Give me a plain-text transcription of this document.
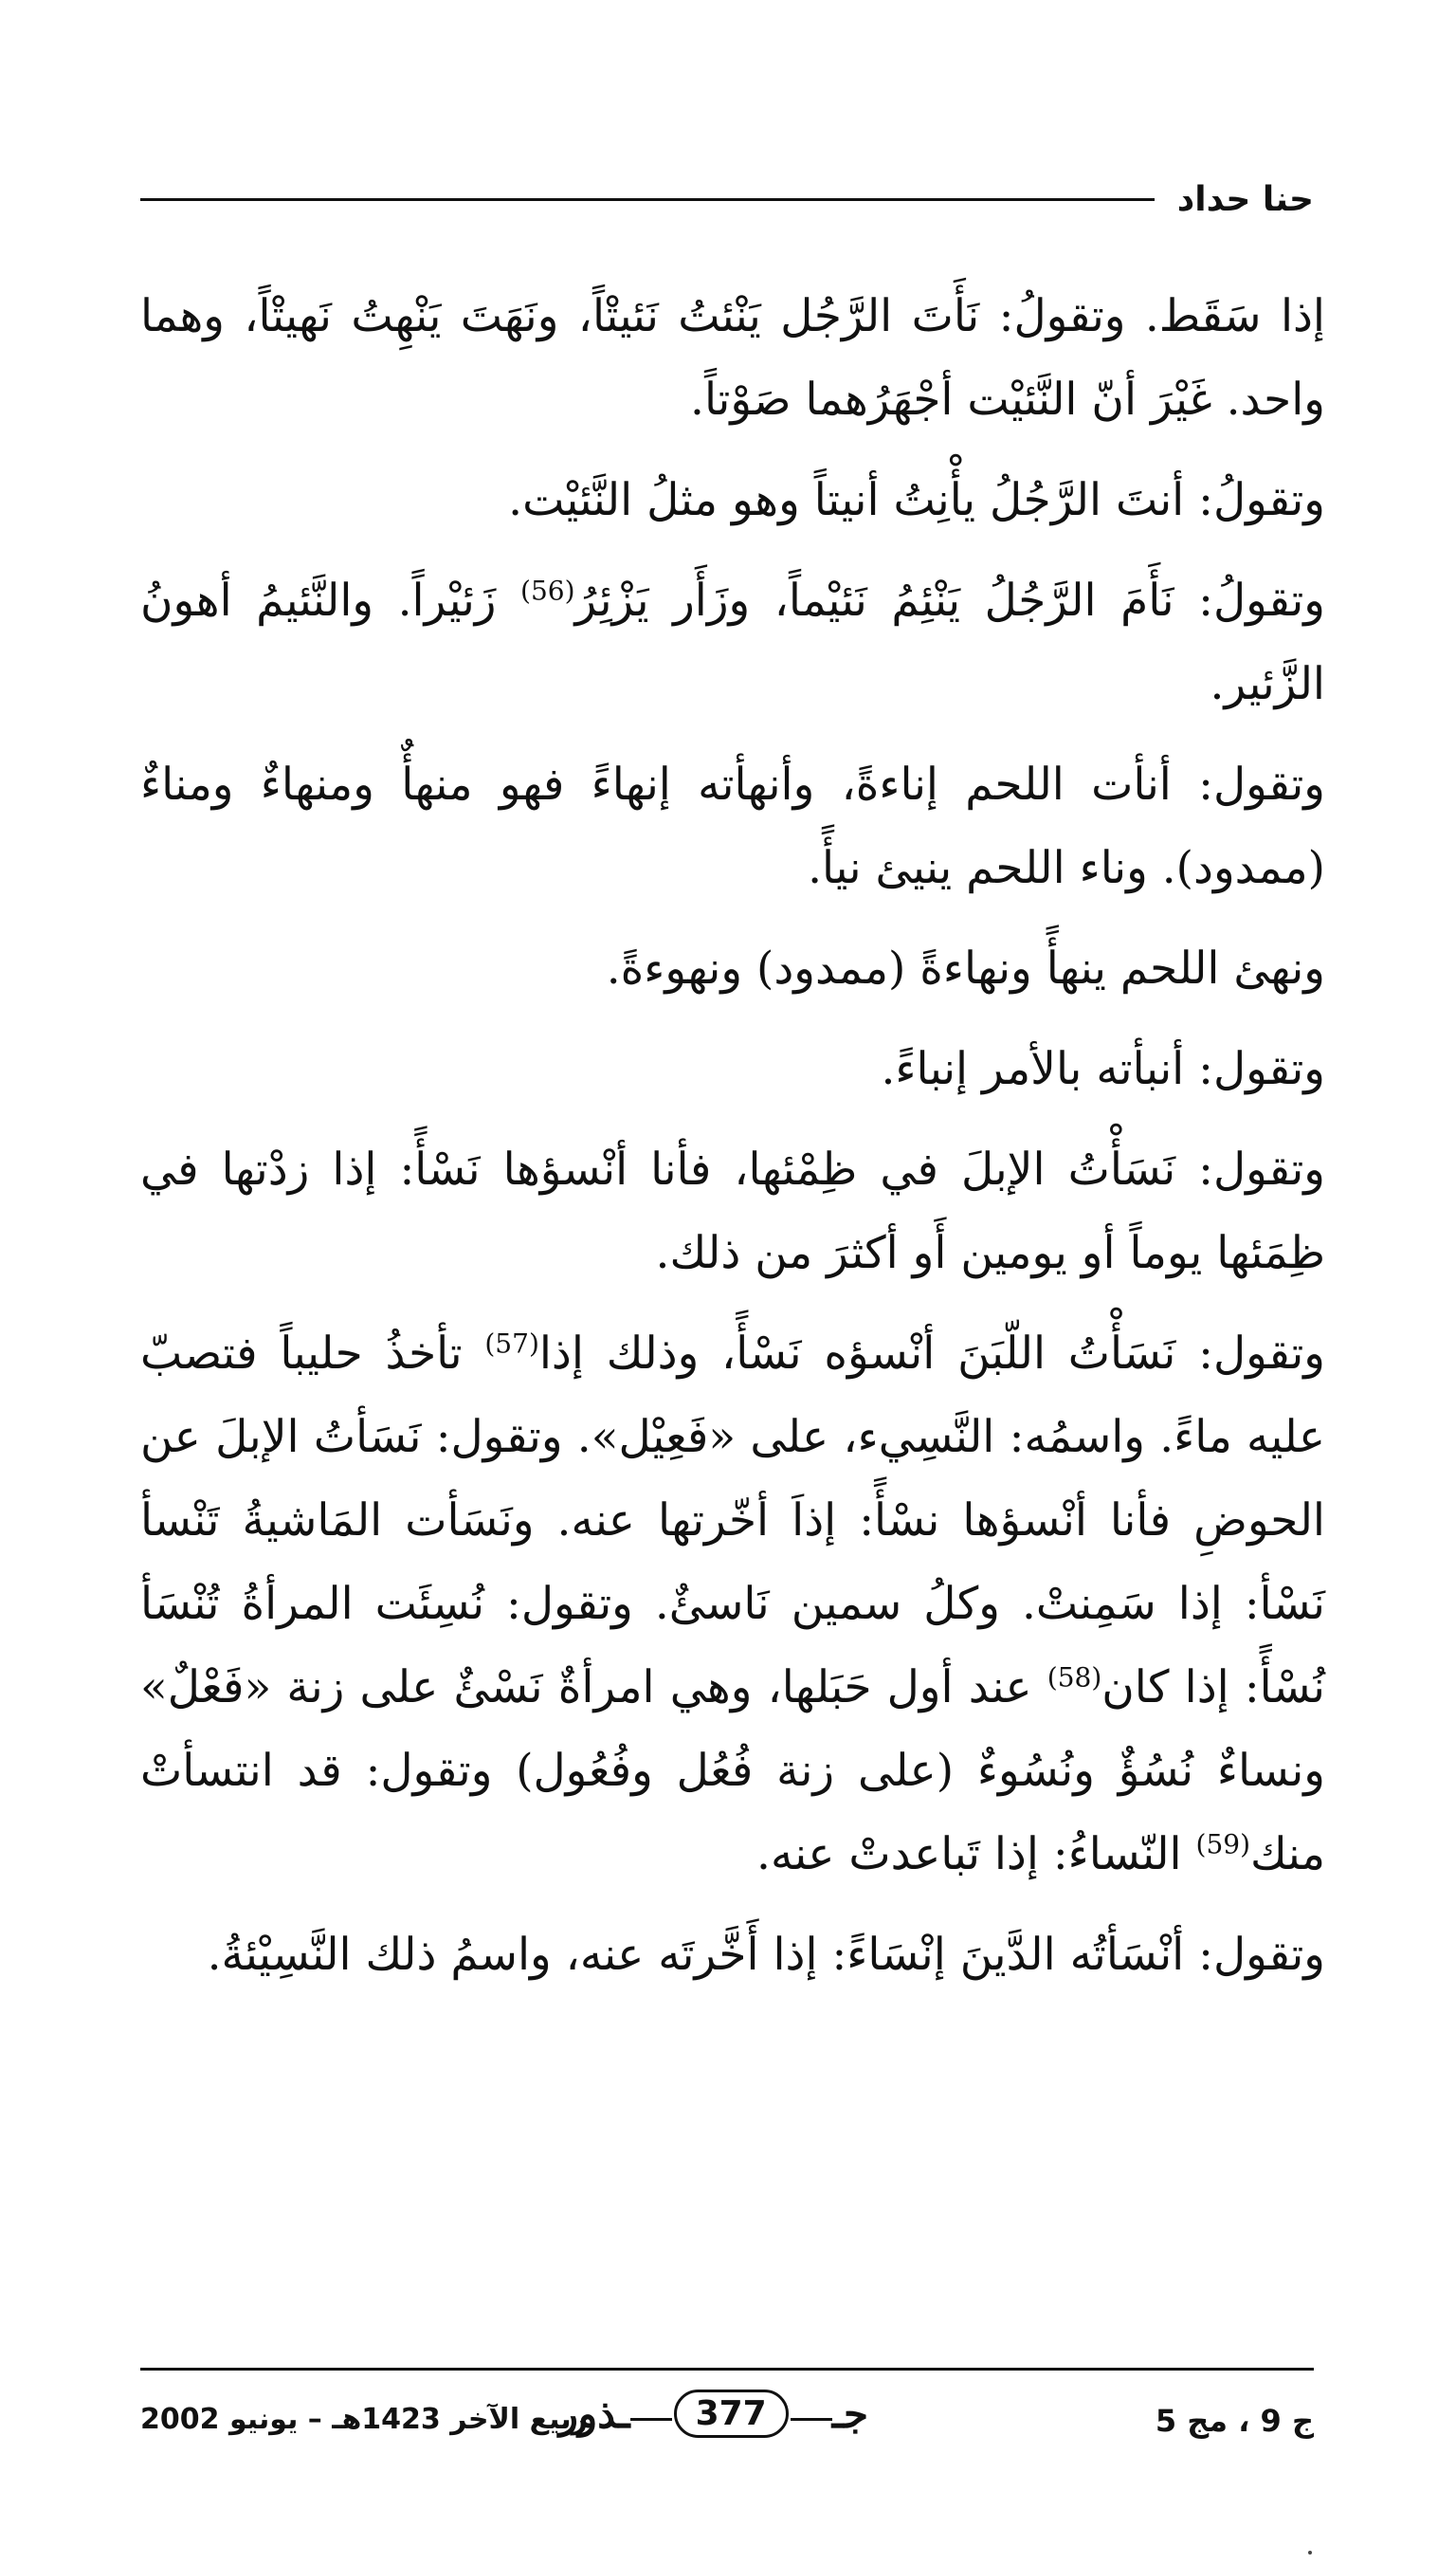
حنا حداد

إذا سَقَط. وتقولُ: نَأَتَ الرَّجُل يَنْئتُ نَئيتْاً، ونَهَتَ يَنْهِتُ نَهيتْاً، وهما واحد. غَيْرَ أنّ النَّئيْت أجْهَرُهما صَوْتاً.

وتقولُ: أنتَ الرَّجُلُ يأْنِتُ أنيتاً وهو مثلُ النَّئيْت.

وتقولُ: نَأَمَ الرَّجُلُ يَنْئِمُ نَئيْماً، وزَأَر يَزْئِرُ$^{(56)}$ زَئيْراً. والنَّئيمُ أهونُ الزَّئير.

وتقول: أنأت اللحم إناءةً، وأنهأته إنهاءً فهو منهأٌ ومنهاءٌ ومناءٌ (ممدود). وناء اللحم ينيئ نيأً.

ونهئ اللحم ينهأً ونهاءةً (ممدود) ونهوءةً.

وتقول: أنبأته بالأمر إنباءً.

وتقول: نَسَأْتُ الإبلَ في ظِمْئها، فأنا أنْسؤها نَسْأً: إذا زدْتها في ظِمَئها يوماً أو يومين أَو أكثرَ من ذلك.

وتقول: نَسَأْتُ اللّبَنَ أنْسؤه نَسْأً، وذلك إذا$^{(57)}$ تأخذُ حليباً فتصبّ عليه ماءً. واسمُه: النَّسِيء، على «فَعِيْل». وتقول: نَسَأتُ الإبلَ عن الحوضِ فأنا أنْسؤها نسْأً: إذاَ أخّرتها عنه. ونَسَأت المَاشيةُ تَنْسأ نَسْأ: إذا سَمِنتْ. وكلُ سمين نَاسئٌ. وتقول: نُسِئَت المرأةُ تُنْسَأ نُسْأً: إذا كان$^{(58)}$ عند أول حَبَلها، وهي امرأةٌ نَسْئٌ على زنة «فَعْلٌ» ونساءٌ نُسُؤٌ ونُسُوءٌ (على زنة فُعُل وفُعُول) وتقول: قد انتسأتْ منك$^{(59)}$ النّساءُ: إذا تَباعدتْ عنه.

وتقول: أنْسَأتُه الدَّينَ إنْسَاءً: إذا أَخَّرتَه عنه، واسمُ ذلك النَّسِيْئةُ.

ج 9 ، مج 5
جـ
377
ـذور
ربيع الآخر 1423هـ – يونيو 2002
